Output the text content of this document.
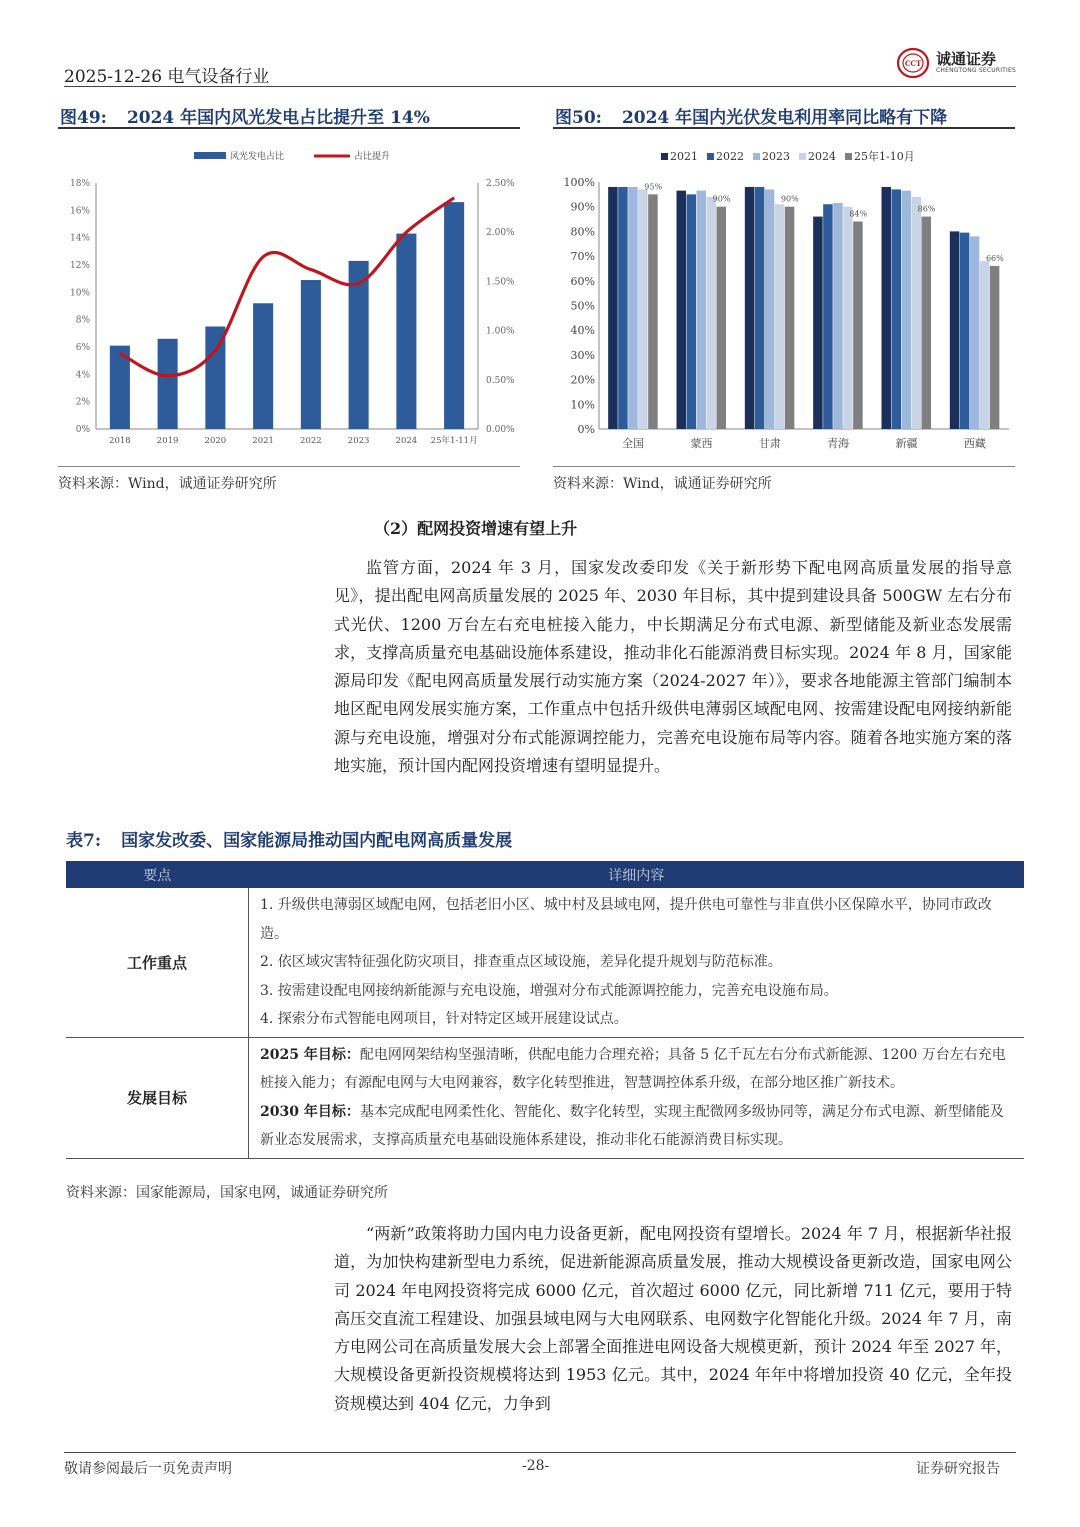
2025-12-26 电气设备行业
CCT 诚通证券
CHENGTONG SECURITIES
图49: 2024 年国内风光发电占比提升至 14%
0%
2%
4%
6%
8%
10%
12%
14%
16%
18%
0.00%
0.50%
1.00%
1.50%
2.00%
2.50%
2018	2019	2020	2021	2022	2023	2024 25年1-11月
风光发电占比	占比提升
资料来源：Wind，诚通证券研究所
图50: 2024 年国内光伏发电利用率同比略有下降
0%
10%
20%
30%
40%
50%
60%
70%
80%
90%
100%	95%
全国
90%
蒙西
90%
甘肃
84%
青海
86%
新疆
66%
西藏
2021 2022 2023 2024 25年1-10月
资料来源：Wind，诚通证券研究所
（2）配网投资增速有望上升

监管方面，2024 年 3 月，国家发改委印发《关于新形势下配电网高质量发展的指导意见》，提出配电网高质量发展的 2025 年、2030 年目标，其中提到建设具备 500GW 左右分布式光伏、1200 万台左右充电桩接入能力，中长期满足分布式电源、新型储能及新业态发展需求，支撑高质量充电基础设施体系建设，推动非化石能源消费目标实现。2024 年 8 月，国家能源局印发《配电网高质量发展行动实施方案（2024-2027 年）》，要求各地能源主管部门编制本地区配电网发展实施方案，工作重点中包括升级供电薄弱区域配电网、按需建设配电网接纳新能源与充电设施，增强对分布式能源调控能力，完善充电设施布局等内容。随着各地实施方案的落地实施，预计国内配网投资增速有望明显提升。

表7: 国家发改委、国家能源局推动国内配电网高质量发展
要点	详细内容
工作重点	1. 升级供电薄弱区域配电网，包括老旧小区、城中村及县域电网，提升供电可靠性与非直供小区保障水平，协同市政改造。

2. 依区域灾害特征强化防灾项目，排查重点区域设施，差异化提升规划与防范标准。

3. 按需建设配电网接纳新能源与充电设施，增强对分布式能源调控能力，完善充电设施布局。

4. 探索分布式智能电网项目，针对特定区域开展建设试点。

发展目标	2025 年目标：配电网网架结构坚强清晰，供配电能力合理充裕；具备 5 亿千瓦左右分布式新能源、1200 万台左右充电桩接入能力；有源配电网与大电网兼容，数字化转型推进，智慧调控体系升级，在部分地区推广新技术。

2030 年目标：基本完成配电网柔性化、智能化、数字化转型，实现主配微网多级协同等，满足分布式电源、新型储能及新业态发展需求，支撑高质量充电基础设施体系建设，推动非化石能源消费目标实现。

资料来源：国家能源局，国家电网，诚通证券研究所

“两新”政策将助力国内电力设备更新，配电网投资有望增长。2024 年 7 月，根据新华社报道，为加快构建新型电力系统，促进新能源高质量发展，推动大规模设备更新改造，国家电网公司 2024 年电网投资将完成 6000 亿元，首次超过 6000 亿元，同比新增 711 亿元，要用于特高压交直流工程建设、加强县域电网与大电网联系、电网数字化智能化升级。2024 年 7 月，南方电网公司在高质量发展大会上部署全面推进电网设备大规模更新，预计 2024 年至 2027 年，大规模设备更新投资规模将达到 1953 亿元。其中，2024 年年中将增加投资 40 亿元，全年投资规模达到 404 亿元，力争到

敬请参阅最后一页免责声明	-28-	证券研究报告
